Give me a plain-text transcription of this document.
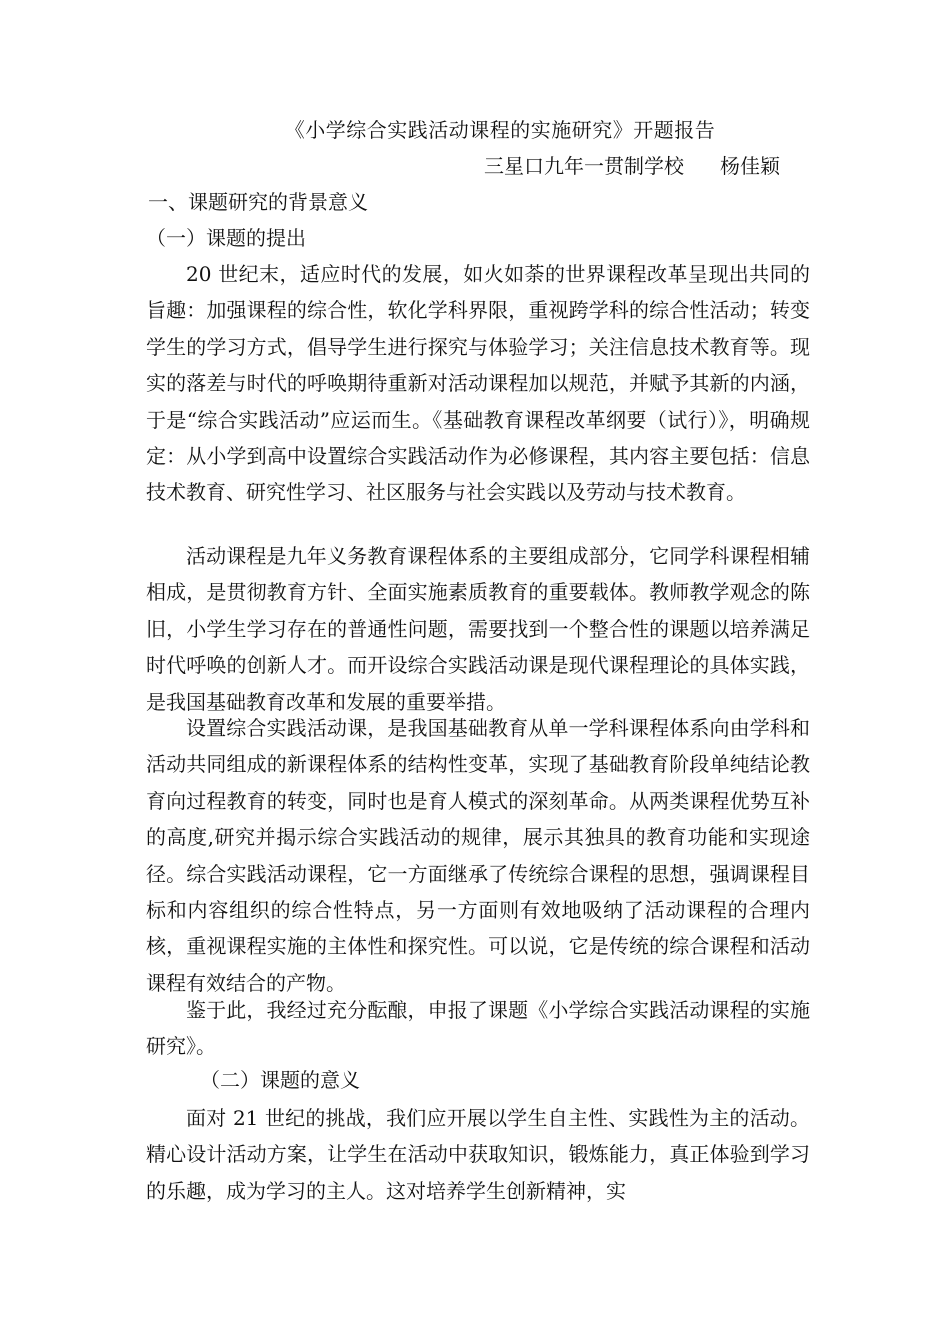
《小学综合实践活动课程的实施研究》开题报告
三星口九年一贯制学校 杨佳颖
一、课题研究的背景意义
（一）课题的提出

20 世纪末，适应时代的发展，如火如荼的世界课程改革呈现出共同的旨趣：加强课程的综合性，软化学科界限，重视跨学科的综合性活动；转变学生的学习方式，倡导学生进行探究与体验学习；关注信息技术教育等。现实的落差与时代的呼唤期待重新对活动课程加以规范，并赋予其新的内涵，于是“综合实践活动”应运而生。《基础教育课程改革纲要（试行）》，明确规定：从小学到高中设置综合实践活动作为必修课程，其内容主要包括：信息技术教育、研究性学习、社区服务与社会实践以及劳动与技术教育。

活动课程是九年义务教育课程体系的主要组成部分，它同学科课程相辅相成，是贯彻教育方针、全面实施素质教育的重要载体。教师教学观念的陈旧，小学生学习存在的普通性问题，需要找到一个整合性的课题以培养满足时代呼唤的创新人才。而开设综合实践活动课是现代课程理论的具体实践，是我国基础教育改革和发展的重要举措。

设置综合实践活动课，是我国基础教育从单一学科课程体系向由学科和活动共同组成的新课程体系的结构性变革，实现了基础教育阶段单纯结论教育向过程教育的转变，同时也是育人模式的深刻革命。从两类课程优势互补的高度,研究并揭示综合实践活动的规律，展示其独具的教育功能和实现途径。综合实践活动课程，它一方面继承了传统综合课程的思想，强调课程目标和内容组织的综合性特点，另一方面则有效地吸纳了活动课程的合理内核，重视课程实施的主体性和探究性。可以说，它是传统的综合课程和活动课程有效结合的产物。

鉴于此，我经过充分酝酿，申报了课题《小学综合实践活动课程的实施研究》。

（二）课题的意义

面对 21 世纪的挑战，我们应开展以学生自主性、实践性为主的活动。精心设计活动方案，让学生在活动中获取知识，锻炼能力，真正体验到学习的乐趣，成为学习的主人。这对培养学生创新精神，实
